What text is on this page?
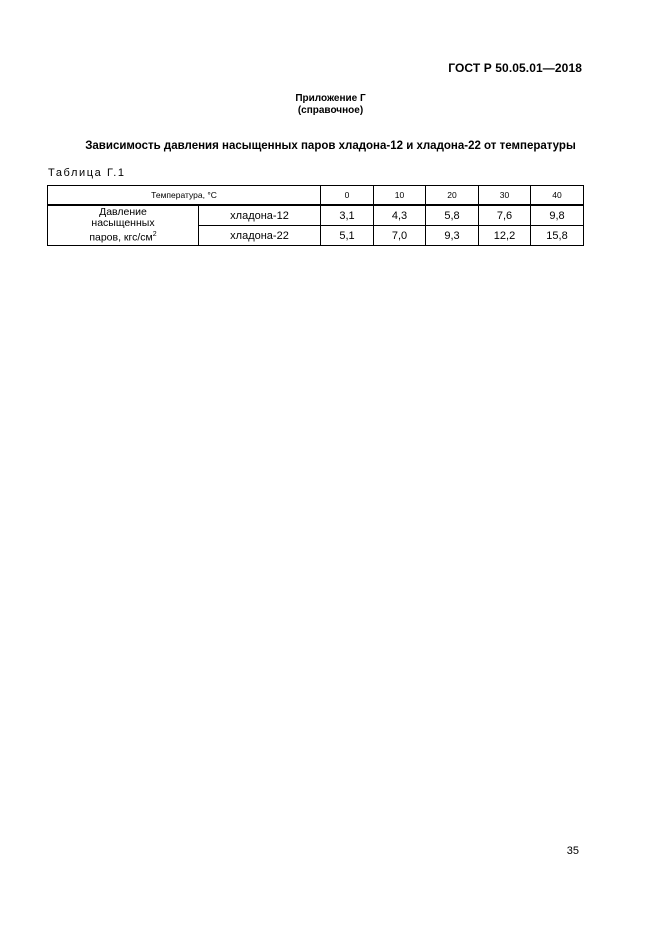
ГОСТ Р 50.05.01—2018
Приложение Г
(справочное)
Зависимость давления насыщенных паров хладона-12 и хладона-22 от температуры
Таблица Г.1
Температура, °С		0	10	20	30	40

Давление
насыщенных
паров, кгс/$см^2$	хладона-12	3,1	4,3	5,8	7,6	9,8
	хладона-22	5,1	7,0	9,3	12,2	15,8
35
